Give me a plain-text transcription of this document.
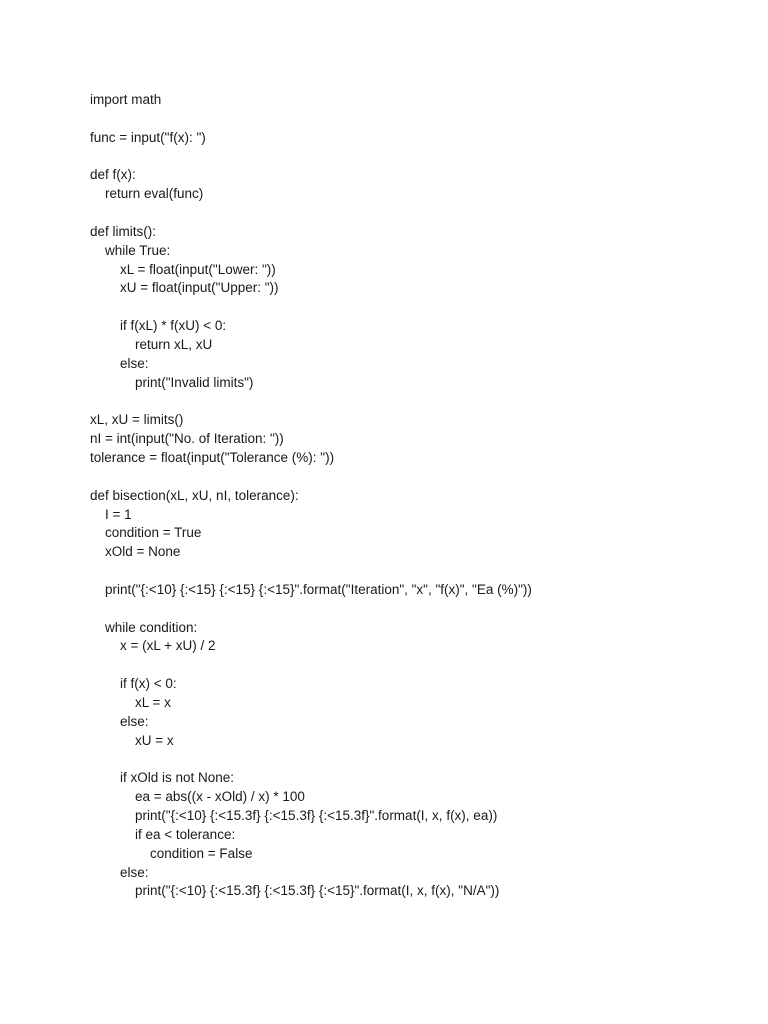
import math
func = input("f(x): ")
def f(x):
return eval(func)
def limits():
while True:
xL = float(input("Lower: "))
xU = float(input("Upper: "))
if f(xL) * f(xU) < 0:
return xL, xU
else:
print("Invalid limits")
xL, xU = limits()
nI = int(input("No. of Iteration: "))
tolerance = float(input("Tolerance (%): "))
def bisection(xL, xU, nI, tolerance):
I = 1
condition = True
xOld = None
print("{:<10} {:<15} {:<15} {:<15}".format("Iteration", "x", "f(x)", "Ea (%)"))
while condition:
x = (xL + xU) / 2
if f(x) < 0:
xL = x
else:
xU = x
if xOld is not None:
ea = abs((x - xOld) / x) * 100
print("{:<10} {:<15.3f} {:<15.3f} {:<15.3f}".format(I, x, f(x), ea))
if ea < tolerance:
condition = False
else:
print("{:<10} {:<15.3f} {:<15.3f} {:<15}".format(I, x, f(x), "N/A"))
